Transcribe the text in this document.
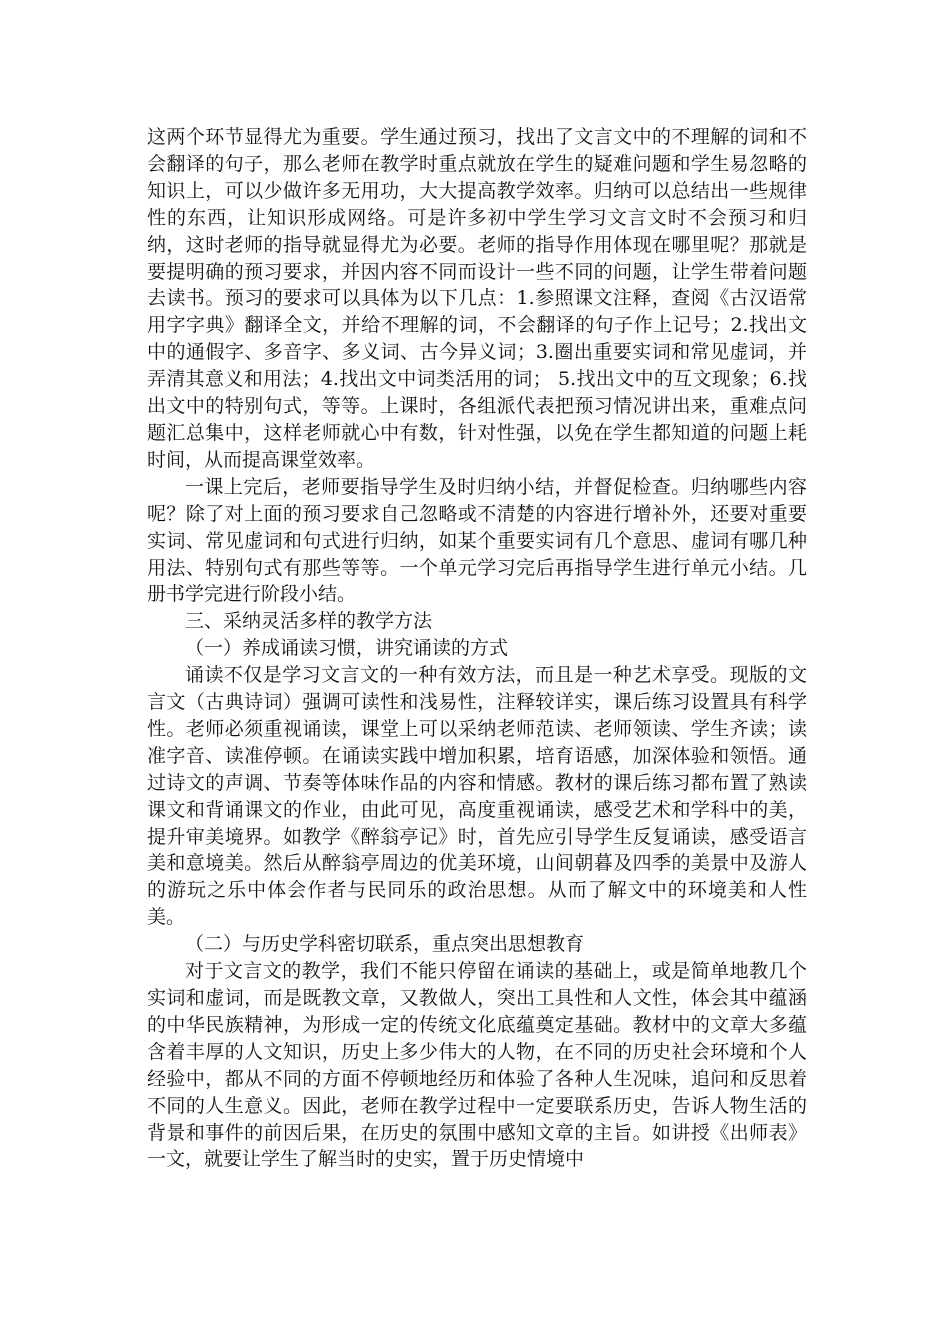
这两个环节显得尤为重要。学生通过预习，找出了文言文中的不理解的词和不会翻译的句子，那么老师在教学时重点就放在学生的疑难问题和学生易忽略的知识上，可以少做许多无用功，大大提高教学效率。归纳可以总结出一些规律性的东西，让知识形成网络。可是许多初中学生学习文言文时不会预习和归纳，这时老师的指导就显得尤为必要。老师的指导作用体现在哪里呢？那就是要提明确的预习要求，并因内容不同而设计一些不同的问题，让学生带着问题去读书。预习的要求可以具体为以下几点：1.参照课文注释，查阅《古汉语常用字字典》翻译全文，并给不理解的词，不会翻译的句子作上记号；2.找出文中的通假字、多音字、多义词、古今异义词；3.圈出重要实词和常见虚词，并弄清其意义和用法；4.找出文中词类活用的词； 5.找出文中的互文现象；6.找出文中的特别句式，等等。上课时，各组派代表把预习情况讲出来，重难点问题汇总集中，这样老师就心中有数，针对性强，以免在学生都知道的问题上耗时间，从而提高课堂效率。

一课上完后，老师要指导学生及时归纳小结，并督促检查。归纳哪些内容呢？除了对上面的预习要求自己忽略或不清楚的内容进行增补外，还要对重要实词、常见虚词和句式进行归纳，如某个重要实词有几个意思、虚词有哪几种用法、特别句式有那些等等。一个单元学习完后再指导学生进行单元小结。几册书学完进行阶段小结。

三、采纳灵活多样的教学方法

（一）养成诵读习惯，讲究诵读的方式

诵读不仅是学习文言文的一种有效方法，而且是一种艺术享受。现版的文言文（古典诗词）强调可读性和浅易性，注释较详实，课后练习设置具有科学性。老师必须重视诵读，课堂上可以采纳老师范读、老师领读、学生齐读；读准字音、读准停顿。在诵读实践中增加积累，培育语感，加深体验和领悟。通过诗文的声调、节奏等体味作品的内容和情感。教材的课后练习都布置了熟读课文和背诵课文的作业，由此可见，高度重视诵读，感受艺术和学科中的美，提升审美境界。如教学《醉翁亭记》时，首先应引导学生反复诵读，感受语言美和意境美。然后从醉翁亭周边的优美环境，山间朝暮及四季的美景中及游人的游玩之乐中体会作者与民同乐的政治思想。从而了解文中的环境美和人性美。

（二）与历史学科密切联系，重点突出思想教育

对于文言文的教学，我们不能只停留在诵读的基础上，或是简单地教几个实词和虚词，而是既教文章，又教做人，突出工具性和人文性，体会其中蕴涵的中华民族精神，为形成一定的传统文化底蕴奠定基础。教材中的文章大多蕴含着丰厚的人文知识，历史上多少伟大的人物，在不同的历史社会环境和个人经验中，都从不同的方面不停顿地经历和体验了各种人生况味，追问和反思着不同的人生意义。因此，老师在教学过程中一定要联系历史，告诉人物生活的背景和事件的前因后果，在历史的氛围中感知文章的主旨。如讲授《出师表》一文，就要让学生了解当时的史实，置于历史情境中
